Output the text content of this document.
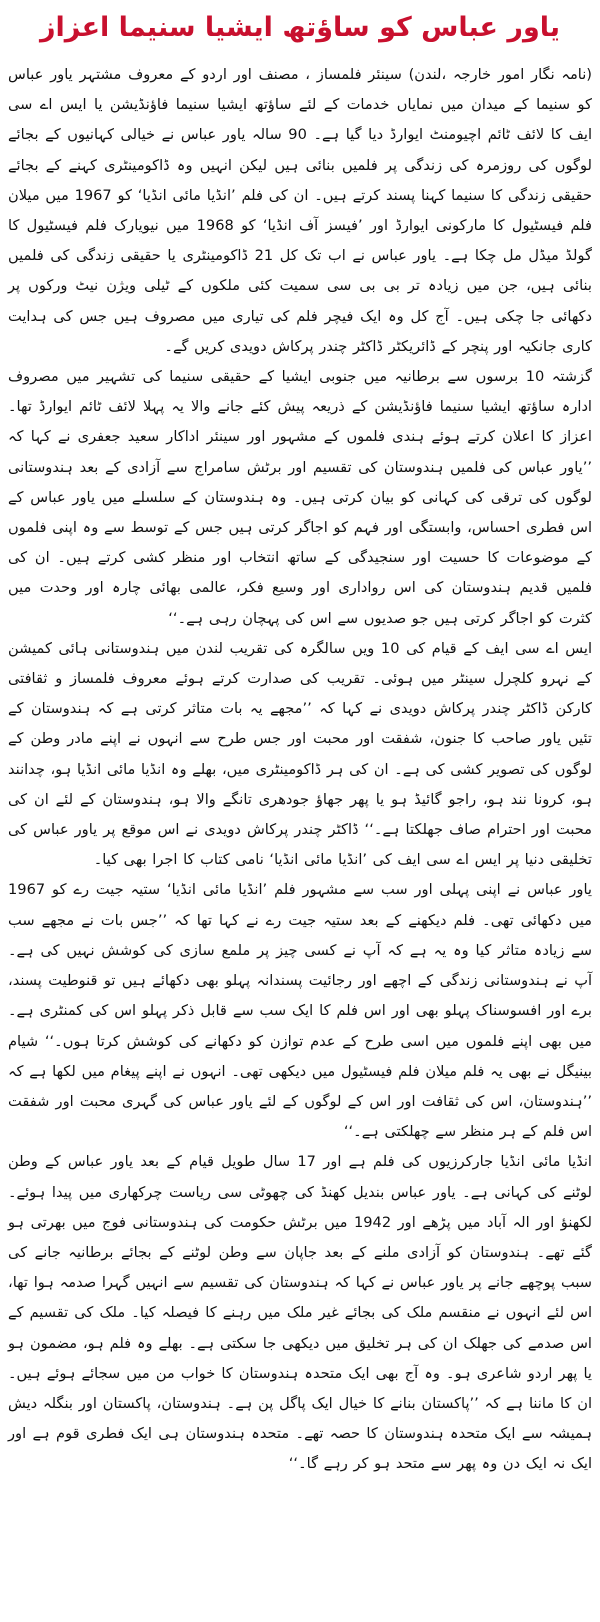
یاور عباس کو ساؤتھ ایشیا سنیما اعزاز

(نامہ نگار امور خارجہ ،لندن) سینئر فلمساز ، مصنف اور اردو کے معروف مشتہر یاور عباس کو سنیما کے میدان میں نمایاں خدمات کے لئے ساؤتھ ایشیا سنیما فاؤنڈیشن یا ایس اے سی ایف کا لائف ٹائم اچیومنٹ ایوارڈ دیا گیا ہے۔ 90 سالہ یاور عباس نے خیالی کہانیوں کے بجائے لوگوں کی روزمرہ کی زندگی پر فلمیں بنائی ہیں لیکن انہیں وہ ڈاکومینٹری کہنے کے بجائے حقیقی زندگی کا سنیما کہنا پسند کرتے ہیں۔ ان کی فلم ’انڈیا مائی انڈیا‘ کو 1967 میں میلان فلم فیسٹیول کا مارکونی ایوارڈ اور ’فیسز آف انڈیا‘ کو 1968 میں نیویارک فلم فیسٹیول کا گولڈ میڈل مل چکا ہے۔ یاور عباس نے اب تک کل 21 ڈاکومینٹری یا حقیقی زندگی کی فلمیں بنائی ہیں، جن میں زیادہ تر بی بی سی سمیت کئی ملکوں کے ٹیلی ویژن نیٹ ورکوں پر دکھائی جا چکی ہیں۔ آج کل وہ ایک فیچر فلم کی تیاری میں مصروف ہیں جس کی ہدایت کاری جانکیہ اور پنچر کے ڈائریکٹر ڈاکٹر چندر پرکاش دویدی کریں گے۔

گزشتہ 10 برسوں سے برطانیہ میں جنوبی ایشیا کے حقیقی سنیما کی تشہیر میں مصروف ادارہ ساؤتھ ایشیا سنیما فاؤنڈیشن کے ذریعہ پیش کئے جانے والا یہ پہلا لائف ٹائم ایوارڈ تھا۔ اعزاز کا اعلان کرتے ہوئے ہندی فلموں کے مشہور اور سینئر اداکار سعید جعفری نے کہا کہ ’’یاور عباس کی فلمیں ہندوستان کی تقسیم اور برٹش سامراج سے آزادی کے بعد ہندوستانی لوگوں کی ترقی کی کہانی کو بیان کرتی ہیں۔ وہ ہندوستان کے سلسلے میں یاور عباس کے اس فطری احساس، وابستگی اور فہم کو اجاگر کرتی ہیں جس کے توسط سے وہ اپنی فلموں کے موضوعات کا حسیت اور سنجیدگی کے ساتھ انتخاب اور منظر کشی کرتے ہیں۔ ان کی فلمیں قدیم ہندوستان کی اس رواداری اور وسیع فکر، عالمی بھائی چارہ اور وحدت میں کثرت کو اجاگر کرتی ہیں جو صدیوں سے اس کی پہچان رہی ہے۔‘‘

ایس اے سی ایف کے قیام کی 10 ویں سالگرہ کی تقریب لندن میں ہندوستانی ہائی کمیشن کے نہرو کلچرل سینٹر میں ہوئی۔ تقریب کی صدارت کرتے ہوئے معروف فلمساز و ثقافتی کارکن ڈاکٹر چندر پرکاش دویدی نے کہا کہ ’’مجھے یہ بات متاثر کرتی ہے کہ ہندوستان کے تئیں یاور صاحب کا جنون، شفقت اور محبت اور جس طرح سے انہوں نے اپنے مادر وطن کے لوگوں کی تصویر کشی کی ہے۔ ان کی ہر ڈاکومینٹری میں، بھلے وہ انڈیا مائی انڈیا ہو، چدانند ہو، کرونا نند ہو، راجو گائیڈ ہو یا پھر جھاؤ جودھری تانگے والا ہو، ہندوستان کے لئے ان کی محبت اور احترام صاف جھلکتا ہے۔‘‘ ڈاکٹر چندر پرکاش دویدی نے اس موقع پر یاور عباس کی تخلیقی دنیا پر ایس اے سی ایف کی ’انڈیا مائی انڈیا‘ نامی کتاب کا اجرا بھی کیا۔

یاور عباس نے اپنی پہلی اور سب سے مشہور فلم ’انڈیا مائی انڈیا‘ ستیہ جیت رے کو 1967 میں دکھائی تھی۔ فلم دیکھنے کے بعد ستیہ جیت رے نے کہا تھا کہ ’’جس بات نے مجھے سب سے زیادہ متاثر کیا وہ یہ ہے کہ آپ نے کسی چیز پر ملمع سازی کی کوشش نہیں کی ہے۔ آپ نے ہندوستانی زندگی کے اچھے اور رجائیت پسندانہ پہلو بھی دکھائے ہیں تو قنوطیت پسند، برے اور افسوسناک پہلو بھی اور اس فلم کا ایک سب سے قابل ذکر پہلو اس کی کمنٹری ہے۔ میں بھی اپنے فلموں میں اسی طرح کے عدم توازن کو دکھانے کی کوشش کرتا ہوں۔‘‘ شیام بینیگل نے بھی یہ فلم میلان فلم فیسٹیول میں دیکھی تھی۔ انہوں نے اپنے پیغام میں لکھا ہے کہ ’’ہندوستان، اس کی ثقافت اور اس کے لوگوں کے لئے یاور عباس کی گہری محبت اور شفقت اس فلم کے ہر منظر سے چھلکتی ہے۔‘‘

انڈیا مائی انڈیا جارکرزیوں کی فلم ہے اور 17 سال طویل قیام کے بعد یاور عباس کے وطن لوٹنے کی کہانی ہے۔ یاور عباس بندیل کھنڈ کی چھوٹی سی ریاست چرکھاری میں پیدا ہوئے۔ لکھنؤ اور الہ آباد میں پڑھے اور 1942 میں برٹش حکومت کی ہندوستانی فوج میں بھرتی ہو گئے تھے۔ ہندوستان کو آزادی ملنے کے بعد جاپان سے وطن لوٹنے کے بجائے برطانیہ جانے کی سبب پوچھے جانے پر یاور عباس نے کہا کہ ہندوستان کی تقسیم سے انہیں گہرا صدمہ ہوا تھا، اس لئے انہوں نے منقسم ملک کی بجائے غیر ملک میں رہنے کا فیصلہ کیا۔ ملک کی تقسیم کے اس صدمے کی جھلک ان کی ہر تخلیق میں دیکھی جا سکتی ہے۔ بھلے وہ فلم ہو، مضمون ہو یا پھر اردو شاعری ہو۔ وہ آج بھی ایک متحدہ ہندوستان کا خواب من میں سجائے ہوئے ہیں۔ ان کا ماننا ہے کہ ’’پاکستان بنانے کا خیال ایک پاگل پن ہے۔ ہندوستان، پاکستان اور بنگلہ دیش ہمیشہ سے ایک متحدہ ہندوستان کا حصہ تھے۔ متحدہ ہندوستان ہی ایک فطری قوم ہے اور ایک نہ ایک دن وہ پھر سے متحد ہو کر رہے گا۔‘‘
